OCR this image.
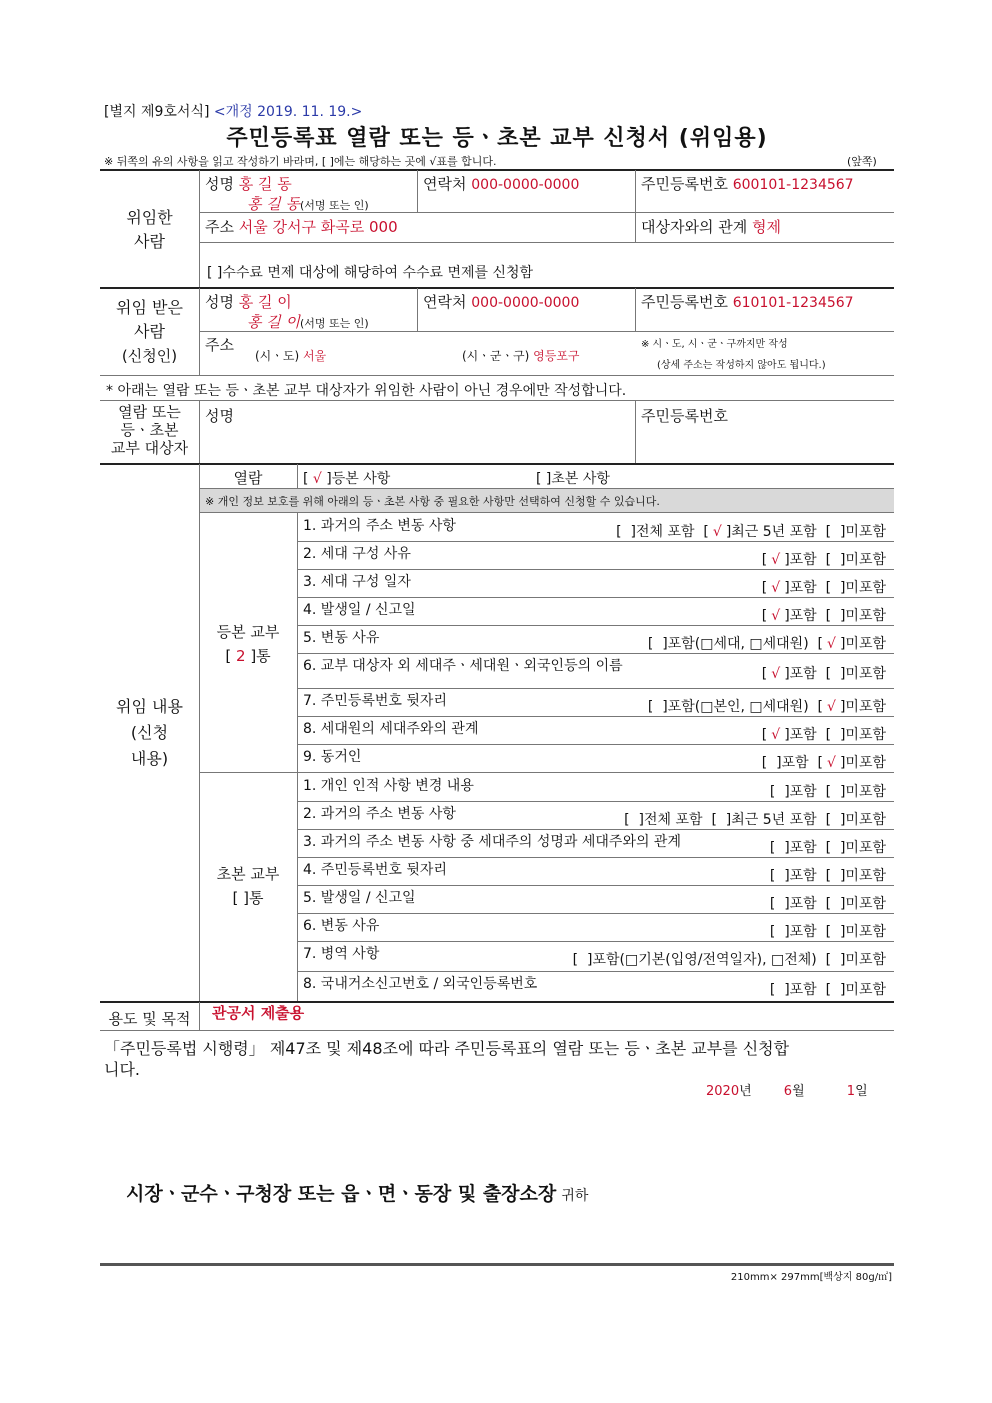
[별지 제9호서식] <개정 2019. 11. 19.>
주민등록표 열람 또는 등ㆍ초본 교부 신청서 (위임용)
※ 뒤쪽의 유의 사항을 읽고 작성하기 바라며, [ ]에는 해당하는 곳에 √표를 합니다.	(앞쪽)
위임한
사람
성명 홍 길 동
홍 길 동(서명 또는 인)
연락처 000-0000-0000	주민등록번호 600101-1234567
주소 서울 강서구 화곡로 000	대상자와의 관계 형제
[ ]수수료 면제 대상에 해당하여 수수료 면제를 신청함
위임 받은
사람
(신청인)
성명 홍 길 이
홍 길 이(서명 또는 인)
연락처 000-0000-0000	주민등록번호 610101-1234567
주소
(시ㆍ도) 서울	(시ㆍ군ㆍ구) 영등포구
※ 시ㆍ도, 시ㆍ군ㆍ구까지만 작성
(상세 주소는 작성하지 않아도 됩니다.)
* 아래는 열람 또는 등ㆍ초본 교부 대상자가 위임한 사람이 아닌 경우에만 작성합니다.
열람 또는
등ㆍ초본
교부 대상자
성명	주민등록번호
위임 내용
(신청
내용)
열람	[ √ ]등본 사항	[ ]초본 사항
※ 개인 정보 보호를 위해 아래의 등ㆍ초본 사항 중 필요한 사항만 선택하여 신청할 수 있습니다.
등본 교부
[ 2 ]통
초본 교부
[ ]통
1. 과거의 주소 변동 사항	[  ]전체 포함  [ √ ]최근 5년 포함  [  ]미포함
2. 세대 구성 사유	[ √ ]포함  [  ]미포함
3. 세대 구성 일자	[ √ ]포함  [  ]미포함
4. 발생일 / 신고일	[ √ ]포함  [  ]미포함
5. 변동 사유	[  ]포함(□세대, □세대원)  [ √ ]미포함
6. 교부 대상자 외 세대주ㆍ세대원ㆍ외국인등의 이름	[ √ ]포함  [  ]미포함
7. 주민등록번호 뒷자리	[  ]포함(□본인, □세대원)  [ √ ]미포함
8. 세대원의 세대주와의 관계	[ √ ]포함  [  ]미포함
9. 동거인	[  ]포함  [ √ ]미포함
1. 개인 인적 사항 변경 내용	[  ]포함  [  ]미포함
2. 과거의 주소 변동 사항	[  ]전체 포함  [  ]최근 5년 포함  [  ]미포함
3. 과거의 주소 변동 사항 중 세대주의 성명과 세대주와의 관계	[  ]포함  [  ]미포함
4. 주민등록번호 뒷자리	[  ]포함  [  ]미포함
5. 발생일 / 신고일	[  ]포함  [  ]미포함
6. 변동 사유	[  ]포함  [  ]미포함
7. 병역 사항	[  ]포함(□기본(입영/전역일자), □전체)  [  ]미포함
8. 국내거소신고번호 / 외국인등록번호	[  ]포함  [  ]미포함
용도 및 목적	관공서 제출용
「주민등록법 시행령」 제47조 및 제48조에 따라 주민등록표의 열람 또는 등ㆍ초본 교부를 신청합
니다.
2020년 6월	1일
시장ㆍ군수ㆍ구청장 또는 읍ㆍ면ㆍ동장 및 출장소장 귀하
210mm× 297mm[백상지 80g/㎡]
